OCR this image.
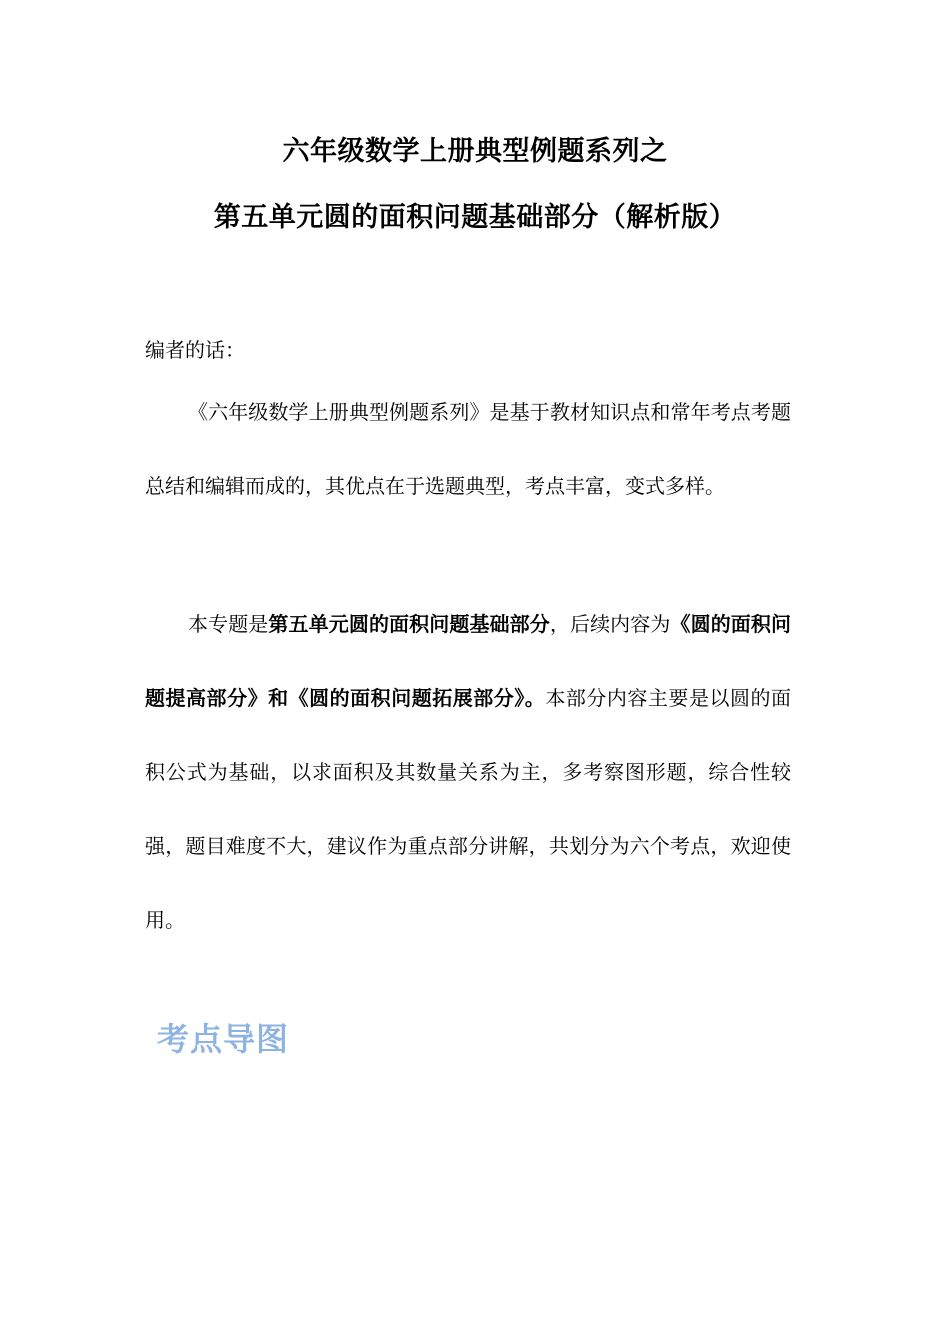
六年级数学上册典型例题系列之
第五单元圆的面积问题基础部分（解析版）

编者的话：

《六年级数学上册典型例题系列》是基于教材知识点和常年考点考题总结和编辑而成的，其优点在于选题典型，考点丰富，变式多样。

本专题是第五单元圆的面积问题基础部分，后续内容为《圆的面积问题提高部分》和《圆的面积问题拓展部分》。本部分内容主要是以圆的面积公式为基础，以求面积及其数量关系为主，多考察图形题，综合性较强，题目难度不大，建议作为重点部分讲解，共划分为六个考点，欢迎使用。

考点导图
